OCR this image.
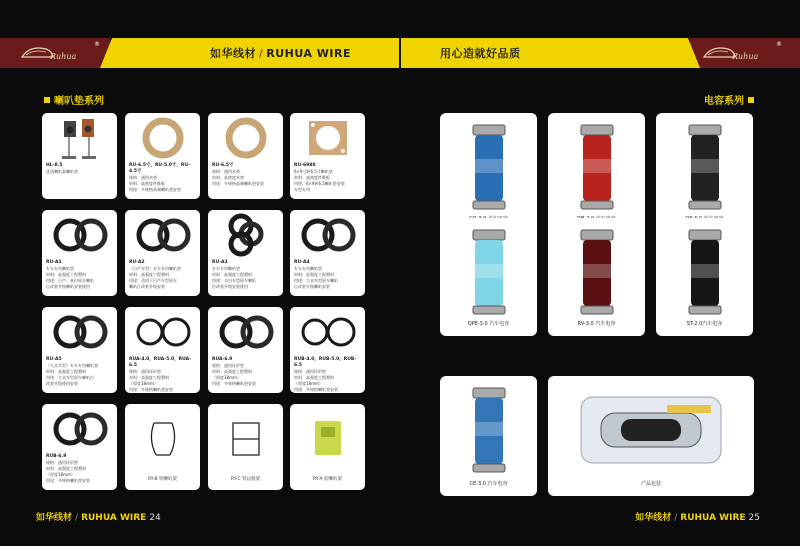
Ruhua
®
Ruhua
®
如华线材 / RUHUA WIRE	用心造就好品质
喇叭垫系列	电容系列
HL-8.5
优质喇叭架喇叭垫
RU-6.5寸，RU-5.0寸，RU-4.5寸
规格：通用木垫
材料：高密度纤维板
用途：多规格高端喇叭垫安装
RU-6.5寸
规格：通用木垫
材料：高密度木垫
用途：多规格高端喇叭垫安装
RU-6980
6×9寸转6.5寸喇叭垫
材料：高密度纤维板
用途：6×9转6.5喇叭垫安装
车型专用
RU-A1
专车专用喇叭垫
材料：高强度工程塑料
用途：日产、本田原车喇叭
位改装升级喇叭安装使用
RU-A2
（日产车型）专车专用喇叭垫
材料：高强度工程塑料
用途：适用于日产车型原车
喇叭位改装升级安装
RU-A3
专车专用喇叭垫
材料：高强度工程塑料
用途：丰田车型原车喇叭
位改装升级安装使用
RU-A4
专车专用喇叭垫
材料：高强度工程塑料
用途：大众车型原车喇叭
位改装升级喇叭安装
RU-A5
（大众车型）专车专用喇叭垫
材料：高强度工程塑料
用途：大众车型原车喇叭位
改装升级使用安装
RUA-4.0，RUA-5.0，RUA-6.5
规格：通用环形垫
材料：高强度工程塑料
（厚度18mm）
用途：多规格喇叭垫安装
RUA-6.9
规格：通用环形垫
材料：高强度工程塑料
（厚度18mm）
用途：多规格喇叭垫安装
RUB-4.0，RUB-5.0，RUB-6.5
规格：通用环形垫
材料：高强度工程塑料
（厚度18mm）
用途：多规格喇叭垫安装
RUB-6.9
规格：通用环形垫
材料：高强度工程塑料
（厚度18mm）
用途：多规格喇叭垫安装	RY-B 铁喇叭架	RY-C 铁边框架	RY-A 胶喇叭架
QPE-3.0 汽车电容	RV-3.0 汽车电容	ST-2.0汽车电容
CE-3.0 汽车电容	产品包装
如华线材 / RUHUA WIRE 24	如华线材 / RUHUA WIRE 25
